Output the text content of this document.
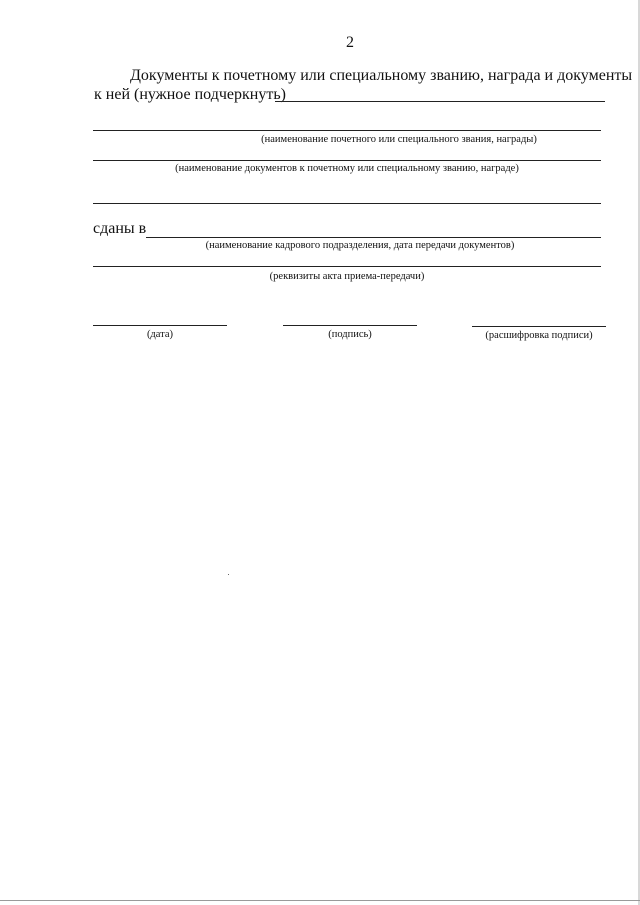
2
Документы к почетному или специальному званию, награда и документы
к ней (нужное подчеркнуть)
(наименование почетного или специального звания, награды)
(наименование документов к почетному или специальному званию, награде)
сданы в
(наименование кадрового подразделения, дата передачи документов)
(реквизиты акта приема-передачи)
(дата)	(подпись)	(расшифровка подписи)
